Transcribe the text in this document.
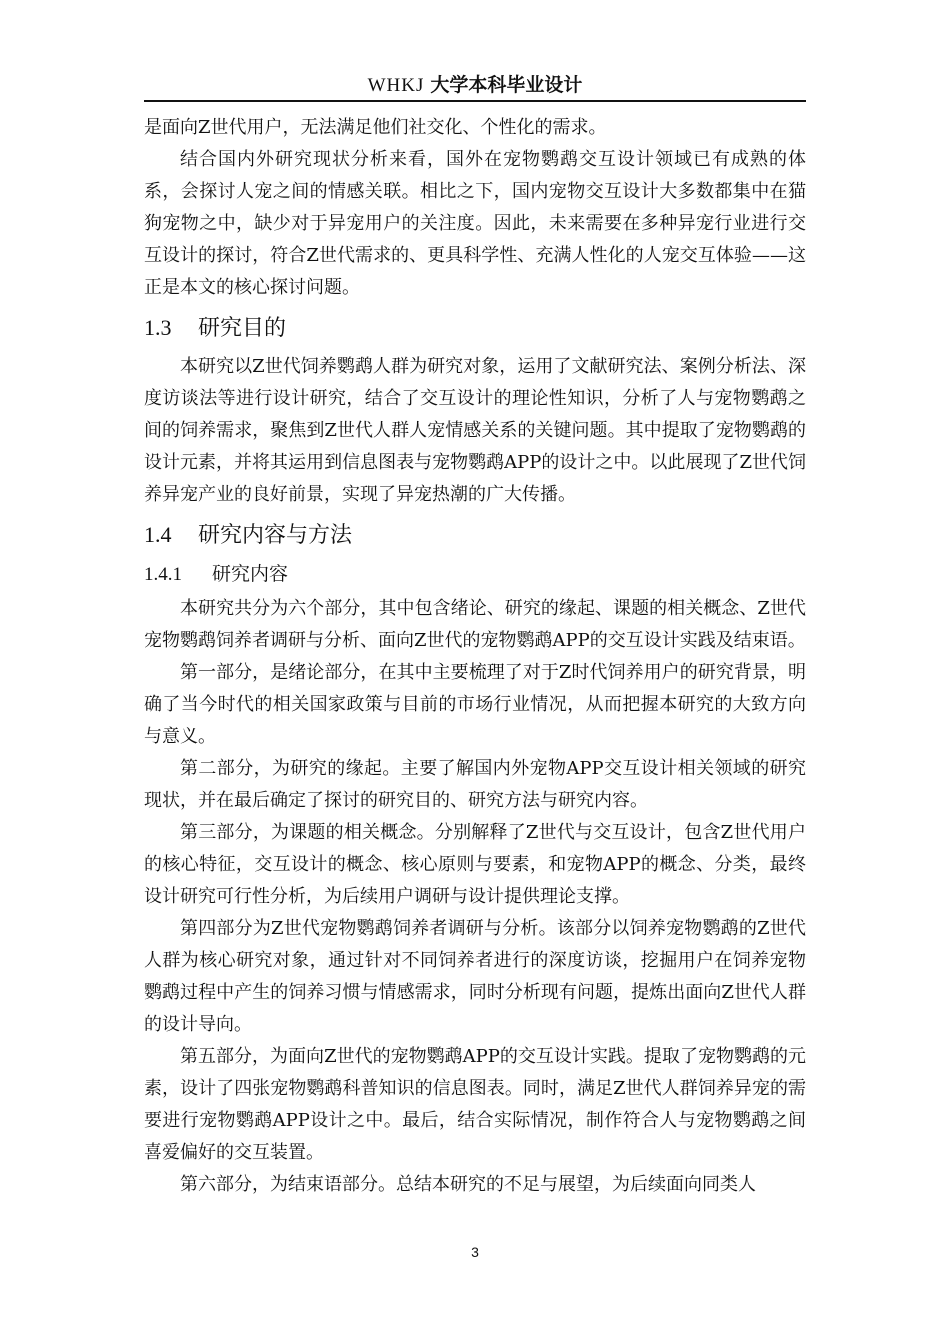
WHKJ 大学本科毕业设计

是面向Z世代用户，无法满足他们社交化、个性化的需求。

结合国内外研究现状分析来看，国外在宠物鹦鹉交互设计领域已有成熟的体系，会探讨人宠之间的情感关联。相比之下，国内宠物交互设计大多数都集中在猫狗宠物之中，缺少对于异宠用户的关注度。因此，未来需要在多种异宠行业进行交互设计的探讨，符合Z世代需求的、更具科学性、充满人性化的人宠交互体验——这正是本文的核心探讨问题。

1.3 研究目的

本研究以Z世代饲养鹦鹉人群为研究对象，运用了文献研究法、案例分析法、深度访谈法等进行设计研究，结合了交互设计的理论性知识，分析了人与宠物鹦鹉之间的饲养需求，聚焦到Z世代人群人宠情感关系的关键问题。其中提取了宠物鹦鹉的设计元素，并将其运用到信息图表与宠物鹦鹉APP的设计之中。以此展现了Z世代饲养异宠产业的良好前景，实现了异宠热潮的广大传播。

1.4 研究内容与方法
1.4.1 研究内容

本研究共分为六个部分，其中包含绪论、研究的缘起、课题的相关概念、Z世代宠物鹦鹉饲养者调研与分析、面向Z世代的宠物鹦鹉APP的交互设计实践及结束语。

第一部分，是绪论部分，在其中主要梳理了对于Z时代饲养用户的研究背景，明确了当今时代的相关国家政策与目前的市场行业情况，从而把握本研究的大致方向与意义。

第二部分，为研究的缘起。主要了解国内外宠物APP交互设计相关领域的研究现状，并在最后确定了探讨的研究目的、研究方法与研究内容。

第三部分，为课题的相关概念。分别解释了Z世代与交互设计，包含Z世代用户的核心特征，交互设计的概念、核心原则与要素，和宠物APP的概念、分类，最终设计研究可行性分析，为后续用户调研与设计提供理论支撑。

第四部分为Z世代宠物鹦鹉饲养者调研与分析。该部分以饲养宠物鹦鹉的Z世代人群为核心研究对象，通过针对不同饲养者进行的深度访谈，挖掘用户在饲养宠物鹦鹉过程中产生的饲养习惯与情感需求，同时分析现有问题，提炼出面向Z世代人群的设计导向。

第五部分，为面向Z世代的宠物鹦鹉APP的交互设计实践。提取了宠物鹦鹉的元素，设计了四张宠物鹦鹉科普知识的信息图表。同时，满足Z世代人群饲养异宠的需要进行宠物鹦鹉APP设计之中。最后，结合实际情况，制作符合人与宠物鹦鹉之间喜爱偏好的交互装置。

第六部分，为结束语部分。总结本研究的不足与展望，为后续面向同类人

3
